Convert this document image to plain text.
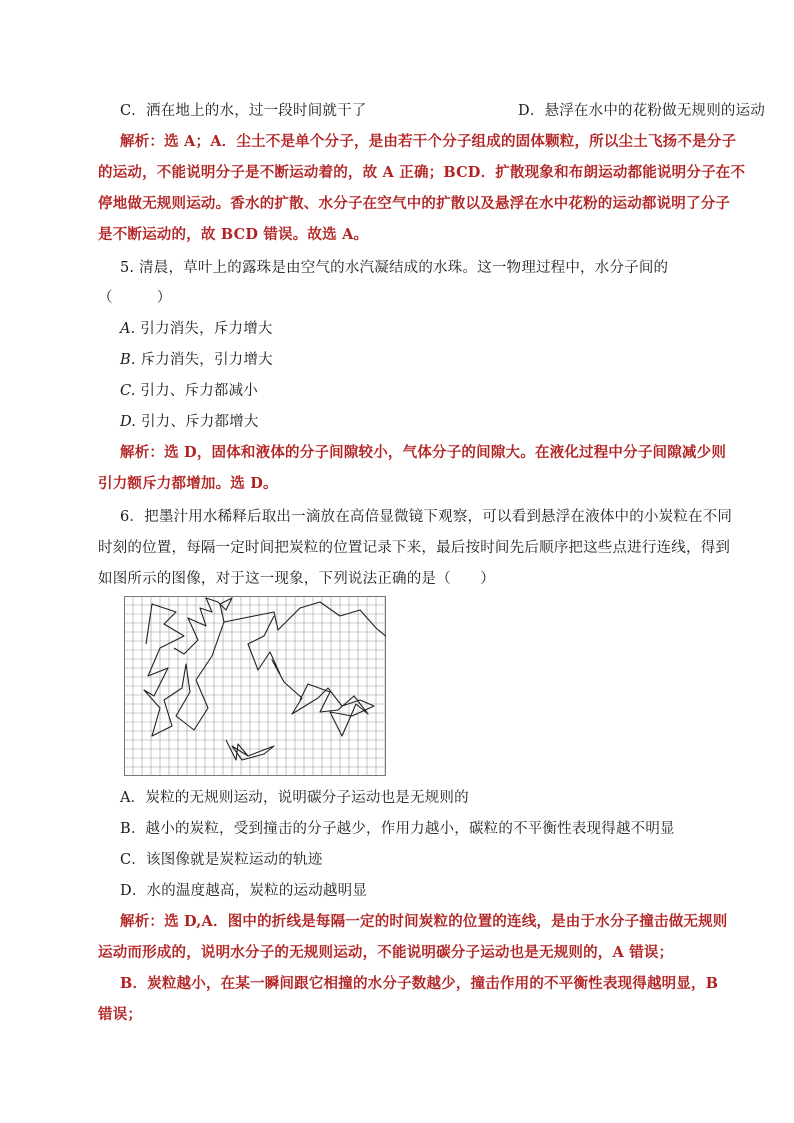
C．洒在地上的水，过一段时间就干了	D．悬浮在水中的花粉做无规则的运动
解析：选 A；A．尘土不是单个分子，是由若干个分子组成的固体颗粒，所以尘土飞扬不是分子
的运动，不能说明分子是不断运动着的，故 A 正确；BCD．扩散现象和布朗运动都能说明分子在不
停地做无规则运动。香水的扩散、水分子在空气中的扩散以及悬浮在水中花粉的运动都说明了分子
是不断运动的，故 BCD 错误。故选 A。
5. 清晨，草叶上的露珠是由空气的水汽凝结成的水珠。这一物理过程中，水分子间的
（　　　）
A. 引力消失，斥力增大
B. 斥力消失，引力增大
C. 引力、斥力都减小
D. 引力、斥力都增大
解析：选 D，固体和液体的分子间隙较小，气体分子的间隙大。在液化过程中分子间隙减少则
引力额斥力都增加。选 D。
6．把墨汁用水稀释后取出一滴放在高倍显微镜下观察，可以看到悬浮在液体中的小炭粒在不同
时刻的位置，每隔一定时间把炭粒的位置记录下来，最后按时间先后顺序把这些点进行连线，得到
如图所示的图像，对于这一现象，下列说法正确的是（　　）
A．炭粒的无规则运动，说明碳分子运动也是无规则的
B．越小的炭粒，受到撞击的分子越少，作用力越小，碳粒的不平衡性表现得越不明显
C．该图像就是炭粒运动的轨迹
D．水的温度越高，炭粒的运动越明显
解析：选 D,A．图中的折线是每隔一定的时间炭粒的位置的连线，是由于水分子撞击做无规则
运动而形成的，说明水分子的无规则运动，不能说明碳分子运动也是无规则的，A 错误；
B．炭粒越小，在某一瞬间跟它相撞的水分子数越少，撞击作用的不平衡性表现得越明显，B
错误；
